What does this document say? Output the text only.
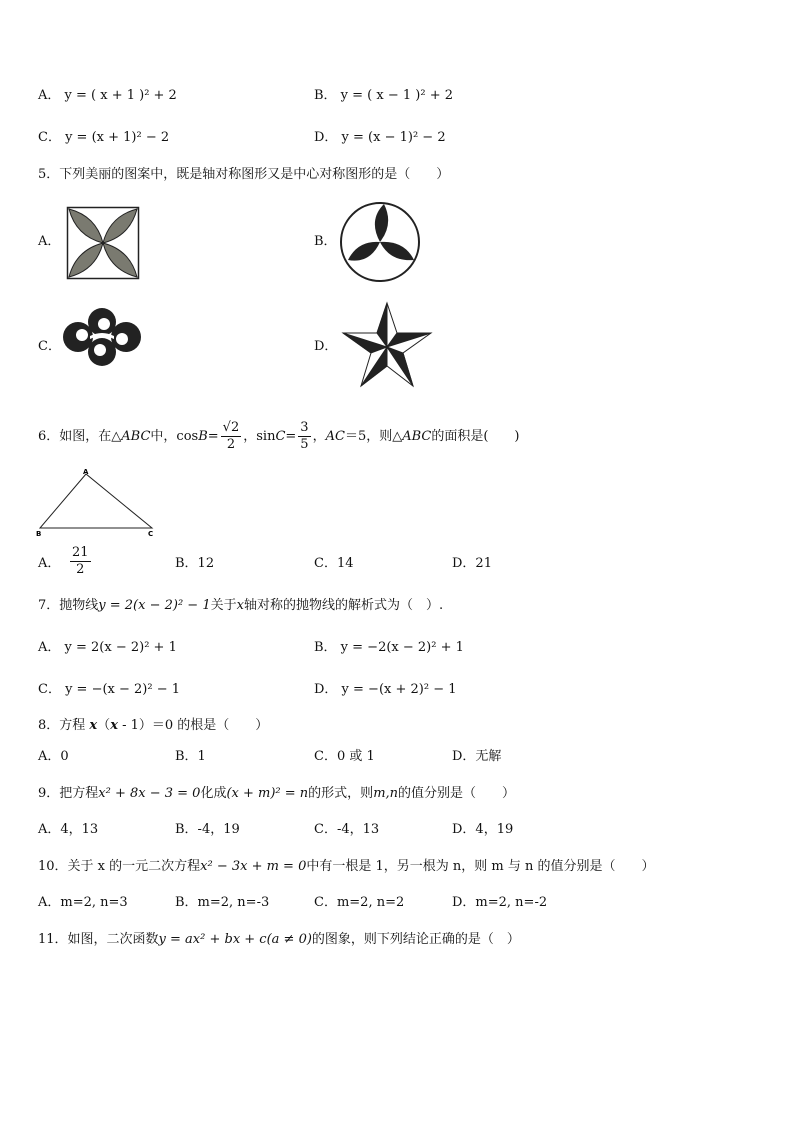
A． y = ( x + 1 )² + 2	B． y = ( x − 1 )² + 2
C． y = (x + 1)² − 2	D． y = (x − 1)² − 2
5．下列美丽的图案中，既是轴对称图形又是中心对称图形的是（　　）
A．	B．
C．	D．
6．如图，在△ABC中，$\cos B= \frac{√2}{2}$ ，$\sin C= \frac{3}{5}$ ，AC＝5，则△ABC的面积是(　　)
A
B	C
A． $\frac{21}{2}$	B．12	C．14	D．21
7．抛物线y = 2(x − 2)² − 1关于x轴对称的抛物线的解析式为（　）.
A． y = 2(x − 2)² + 1	B． y = −2(x − 2)² + 1
C． y = −(x − 2)² − 1	D． y = −(x + 2)² − 1
8．方程 x（x - 1）＝0 的根是（　　）
A．0	B．1	C．0 或 1	D．无解
9．把方程x² + 8x − 3 = 0化成(x + m)² = n的形式，则m,n的值分别是（　　）
A．4，13	B．-4，19	C．-4，13	D．4，19
10．关于 x 的一元二次方程x² − 3x + m = 0中有一根是 1，另一根为 n，则 m 与 n 的值分别是（　　）
A．m=2, n=3	B．m=2, n=-3	C．m=2, n=2	D．m=2, n=-2
11．如图，二次函数y = ax² + bx + c(a ≠ 0)的图象，则下列结论正确的是（　）
